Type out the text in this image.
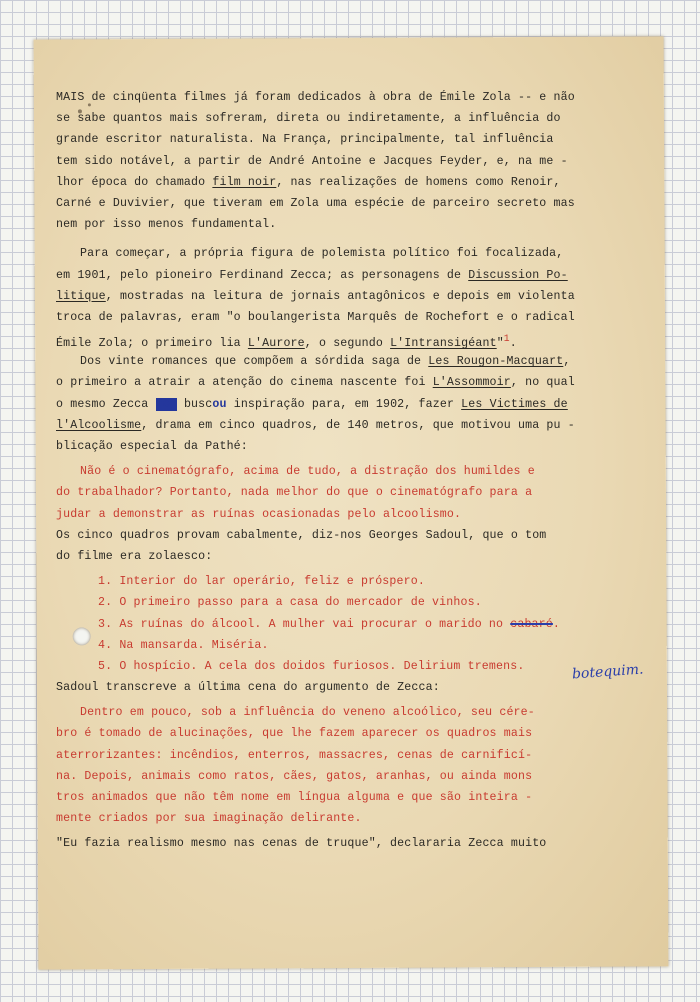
MAIS de cinqüenta filmes já foram dedicados à obra de Émile Zola -- e não
se sabe quantos mais sofreram, direta ou indiretamente, a influência do
grande escritor naturalista. Na França, principalmente, tal influência
tem sido notável, a partir de André Antoine e Jacques Feyder, e, na me -
lhor época do chamado film noir, nas realizações de homens como Renoir,
Carné e Duvivier, que tiveram em Zola uma espécie de parceiro secreto mas
nem por isso menos fundamental.
Para começar, a própria figura de polemista político foi focalizada,
em 1901, pelo pioneiro Ferdinand Zecca; as personagens de Discussion Po-
litique, mostradas na leitura de jornais antagônicos e depois em violenta
troca de palavras, eram "o boulangerista Marquês de Rochefort e o radical
Émile Zola; o primeiro lia L'Aurore, o segundo L'Intransigéant"$^1$.
Dos vinte romances que compõem a sórdida saga de Les Rougon-Macquart,
o primeiro a atrair a atenção do cinema nascente foi L'Assommoir, no qual
o mesmo Zecca foi buscou inspiração para, em 1902, fazer Les Victimes de
l'Alcoolisme, drama em cinco quadros, de 140 metros, que motivou uma pu -
blicação especial da Pathé:
Não é o cinematógrafo, acima de tudo, a distração dos humildes e
do trabalhador? Portanto, nada melhor do que o cinematógrafo para a
judar a demonstrar as ruínas ocasionadas pelo alcoolismo.
Os cinco quadros provam cabalmente, diz-nos Georges Sadoul, que o tom
do filme era zolaesco:
1. Interior do lar operário, feliz e próspero.
2. O primeiro passo para a casa do mercador de vinhos.
3. As ruínas do álcool. A mulher vai procurar o marido no cabaré.
4. Na mansarda. Miséria.
5. O hospício. A cela dos doidos furiosos. Delirium tremens.
Sadoul transcreve a última cena do argumento de Zecca:
Dentro em pouco, sob a influência do veneno alcoólico, seu cére-
bro é tomado de alucinações, que lhe fazem aparecer os quadros mais
aterrorizantes: incêndios, enterros, massacres, cenas de carnificí-
na. Depois, animais como ratos, cães, gatos, aranhas, ou ainda mons
tros animados que não têm nome em língua alguma e que são inteira -
mente criados por sua imaginação delirante.
"Eu fazia realismo mesmo nas cenas de truque", declararia Zecca muito
botequim.
